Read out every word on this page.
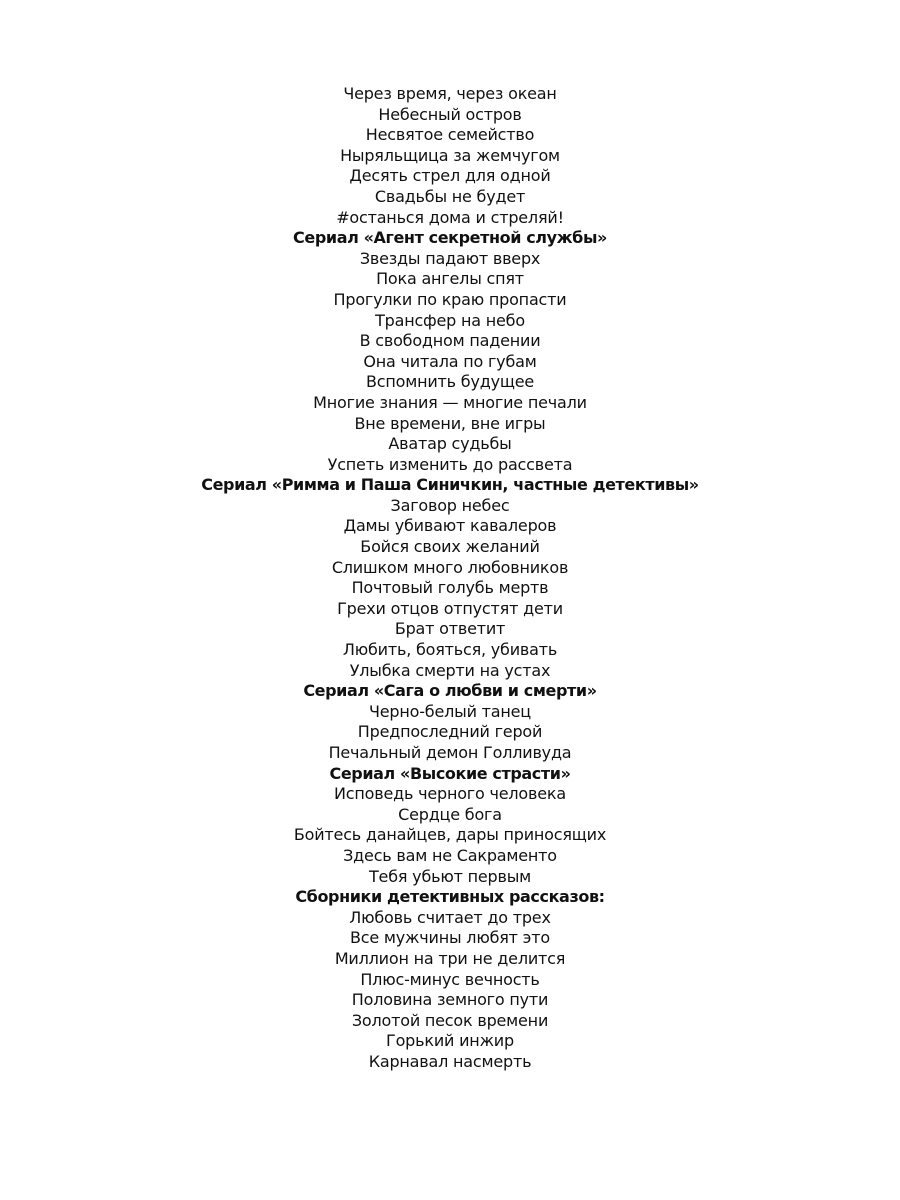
Через время, через океан
Небесный остров
Несвятое семейство
Ныряльщица за жемчугом
Десять стрел для одной
Свадьбы не будет
#останься дома и стреляй!
Сериал «Агент секретной службы»
Звезды падают вверх
Пока ангелы спят
Прогулки по краю пропасти
Трансфер на небо
В свободном падении
Она читала по губам
Вспомнить будущее
Многие знания — многие печали
Вне времени, вне игры
Аватар судьбы
Успеть изменить до рассвета
Сериал «Римма и Паша Синичкин, частные детективы»
Заговор небес
Дамы убивают кавалеров
Бойся своих желаний
Слишком много любовников
Почтовый голубь мертв
Грехи отцов отпустят дети
Брат ответит
Любить, бояться, убивать
Улыбка смерти на устах
Сериал «Сага о любви и смерти»
Черно-белый танец
Предпоследний герой
Печальный демон Голливуда
Сериал «Высокие страсти»
Исповедь черного человека
Сердце бога
Бойтесь данайцев, дары приносящих
Здесь вам не Сакраменто
Тебя убьют первым
Сборники детективных рассказов:
Любовь считает до трех
Все мужчины любят это
Миллион на три не делится
Плюс-минус вечность
Половина земного пути
Золотой песок времени
Горький инжир
Карнавал насмерть
